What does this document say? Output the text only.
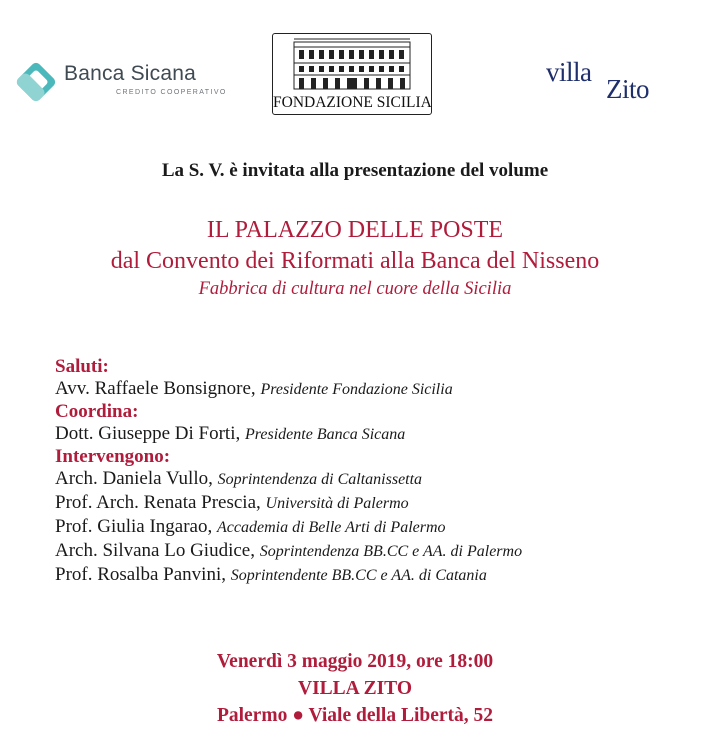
Banca Sicana
CREDITO COOPERATIVO
FONDAZIONE SICILIA
villa
Zito
La S. V. è invitata alla presentazione del volume
IL PALAZZO DELLE POSTE
dal Convento dei Riformati alla Banca del Nisseno
Fabbrica di cultura nel cuore della Sicilia
Saluti:
Avv. Raffaele Bonsignore, Presidente Fondazione Sicilia
Coordina:
Dott. Giuseppe Di Forti, Presidente Banca Sicana
Intervengono:
Arch. Daniela Vullo, Soprintendenza di Caltanissetta
Prof. Arch. Renata Prescia, Università di Palermo
Prof. Giulia Ingarao, Accademia di Belle Arti di Palermo
Arch. Silvana Lo Giudice, Soprintendenza BB.CC e AA. di Palermo
Prof. Rosalba Panvini, Soprintendente BB.CC e AA. di Catania
Venerdì 3 maggio 2019, ore 18:00
VILLA ZITO
Palermo ● Viale della Libertà, 52
